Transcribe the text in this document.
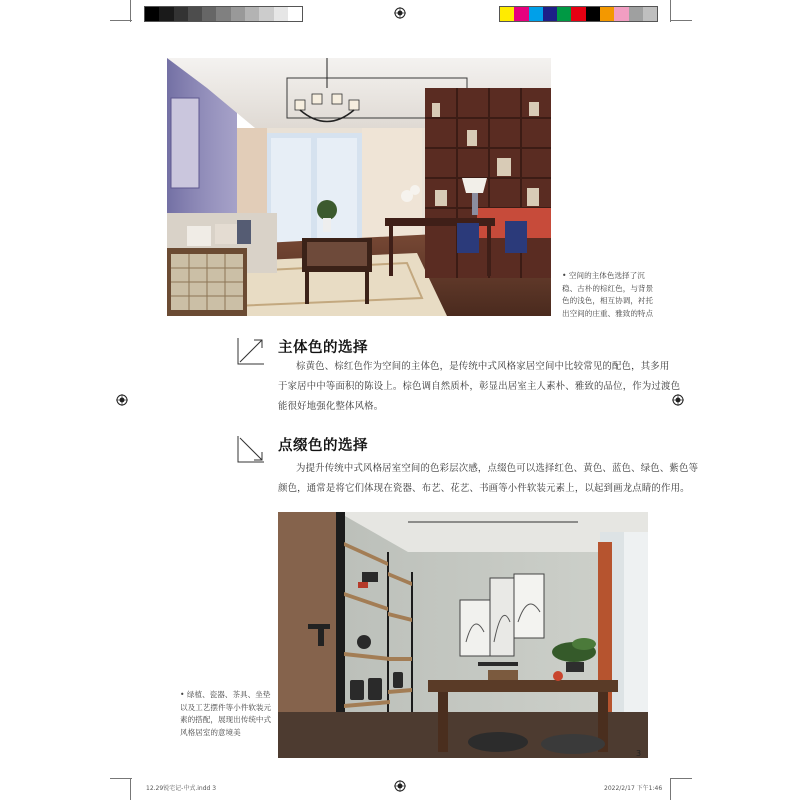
• 空间的主体色选择了沉
稳、古朴的棕红色，与背景
色的浅色，相互协调，衬托
出空间的庄重、雅致的特点
主体色的选择
棕黄色、棕红色作为空间的主体色，是传统中式风格家居空间中比较常见的配色，其多用
于家居中中等面积的陈设上。棕色调自然质朴，彰显出居室主人素朴、雅致的品位，作为过渡色
能很好地强化整体风格。
点缀色的选择
为提升传统中式风格居室空间的色彩层次感，点缀色可以选择红色、黄色、蓝色、绿色、紫色等
颜色，通常是将它们体现在瓷器、布艺、花艺、书画等小件软装元素上，以起到画龙点睛的作用。
• 绿植、瓷器、茶具、坐垫
以及工艺摆件等小件软装元
素的搭配，展现出传统中式
风格居室的意境美
3
12.29锐宅记-中式.indd 3	2022/2/17 下午1:46
